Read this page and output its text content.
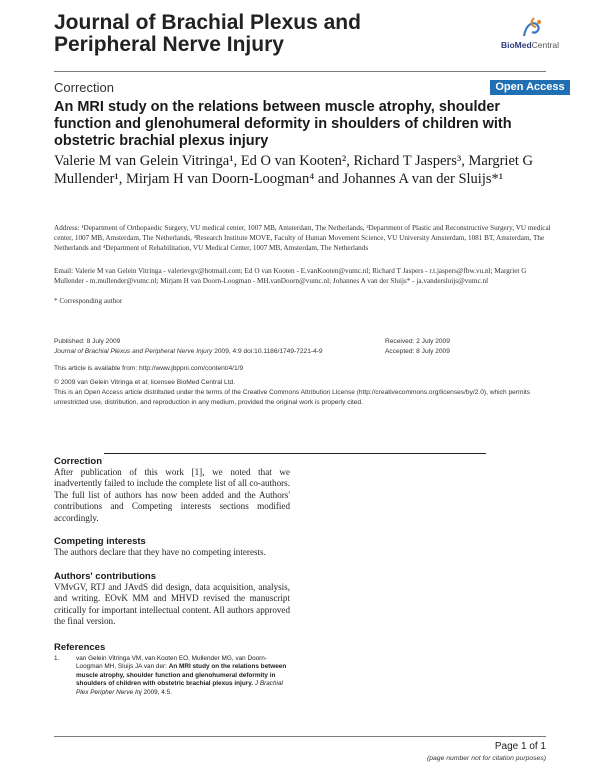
Journal of Brachial Plexus and
Peripheral Nerve Injury	BioMedCentral
Correction	Open Access
An MRI study on the relations between muscle atrophy, shoulder function and glenohumeral deformity in shoulders of children with obstetric brachial plexus injury
Valerie M van Gelein Vitringa¹, Ed O van Kooten², Richard T Jaspers³, Margriet G Mullender¹, Mirjam H van Doorn-Loogman⁴ and Johannes A van der Sluijs*¹
Address: ¹Department of Orthopaedic Surgery, VU medical center, 1007 MB, Amsterdam, The Netherlands, ²Department of Plastic and Reconstructive Surgery, VU medical center, 1007 MB, Amsterdam, The Netherlands, ³Research Institute MOVE, Faculty of Human Movement Science, VU University Amsterdam, 1081 BT, Amsterdam, The Netherlands and ⁴Department of Rehabilitation, VU Medical Center, 1007 MB, Amsterdam, The Netherlands
Email: Valerie M van Gelein Vitringa - valerievgv@hotmail.com; Ed O van Kooten - E.vanKooten@vumc.nl; Richard T Jaspers - r.t.jaspers@fbw.vu.nl; Margriet G Mullender - m.mullender@vumc.nl; Mirjam H van Doorn-Loogman - MH.vanDoorn@vumc.nl; Johannes A van der Sluijs* - ja.vandersluijs@vumc.nl
* Corresponding author
Published: 8 July 2009
Journal of Brachial Plexus and Peripheral Nerve Injury 2009, 4:9 doi:10.1186/1749-7221-4-9
Received: 2 July 2009
Accepted: 8 July 2009
This article is available from: http://www.jbppni.com/content/4/1/9
© 2009 van Gelein Vitringa et al; licensee BioMed Central Ltd.
This is an Open Access article distributed under the terms of the Creative Commons Attribution License (http://creativecommons.org/licenses/by/2.0), which permits unrestricted use, distribution, and reproduction in any medium, provided the original work is properly cited.
Correction
After publication of this work [1], we noted that we inadvertently failed to include the complete list of all co-authors. The full list of authors has now been added and the Authors' contributions and Competing interests sections modified accordingly.
Competing interests
The authors declare that they have no competing interests.
Authors' contributions
VMvGV, RTJ and JAvdS did design, data acquisition, analysis, and writing. EOvK MM and MHVD revised the manuscript critically for important intellectual content. All authors approved the final version.
References
1.	van Gelein Vitringa VM, van Kooten EO, Mullender MG, van Doorn-Loogman MH, Sluijs JA van der: An MRI study on the relations between muscle atrophy, shoulder function and glenohumeral deformity in shoulders of children with obstetric brachial plexus injury. J Brachial Plex Peripher Nerve Inj 2009, 4:5.
Page 1 of 1
(page number not for citation purposes)
